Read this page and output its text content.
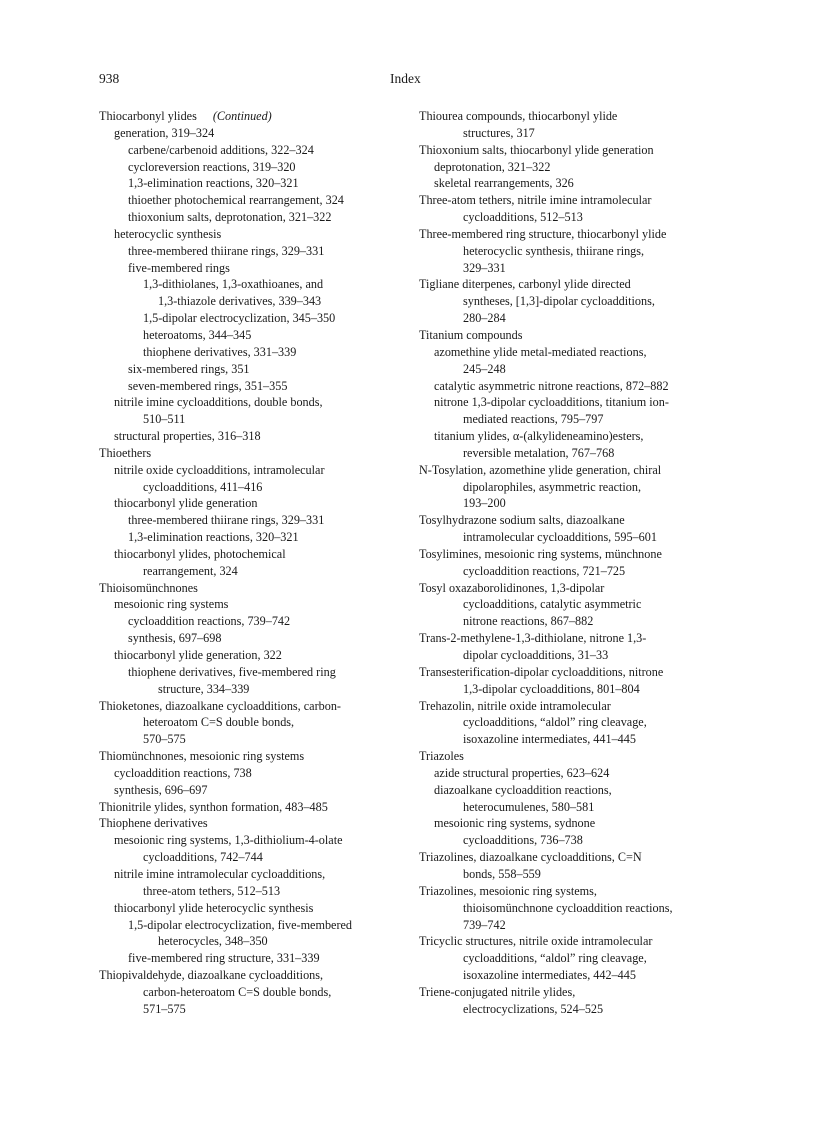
938	Index
Thiocarbonyl ylides (Continued)
generation, 319–324
carbene/carbenoid additions, 322–324
cycloreversion reactions, 319–320
1,3-elimination reactions, 320–321
thioether photochemical rearrangement, 324
thioxonium salts, deprotonation, 321–322
heterocyclic synthesis
three-membered thiirane rings, 329–331
five-membered rings
1,3-dithiolanes, 1,3-oxathioanes, and
1,3-thiazole derivatives, 339–343
1,5-dipolar electrocyclization, 345–350
heteroatoms, 344–345
thiophene derivatives, 331–339
six-membered rings, 351
seven-membered rings, 351–355
nitrile imine cycloadditions, double bonds,
510–511
structural properties, 316–318
Thioethers
nitrile oxide cycloadditions, intramolecular
cycloadditions, 411–416
thiocarbonyl ylide generation
three-membered thiirane rings, 329–331
1,3-elimination reactions, 320–321
thiocarbonyl ylides, photochemical
rearrangement, 324
Thioisomünchnones
mesoionic ring systems
cycloaddition reactions, 739–742
synthesis, 697–698
thiocarbonyl ylide generation, 322
thiophene derivatives, five-membered ring
structure, 334–339
Thioketones, diazoalkane cycloadditions, carbon-
heteroatom C=S double bonds,
570–575
Thiomünchnones, mesoionic ring systems
cycloaddition reactions, 738
synthesis, 696–697
Thionitrile ylides, synthon formation, 483–485
Thiophene derivatives
mesoionic ring systems, 1,3-dithiolium-4-olate
cycloadditions, 742–744
nitrile imine intramolecular cycloadditions,
three-atom tethers, 512–513
thiocarbonyl ylide heterocyclic synthesis
1,5-dipolar electrocyclization, five-membered
heterocycles, 348–350
five-membered ring structure, 331–339
Thiopivaldehyde, diazoalkane cycloadditions,
carbon-heteroatom C=S double bonds,
571–575
Thiourea compounds, thiocarbonyl ylide
structures, 317
Thioxonium salts, thiocarbonyl ylide generation
deprotonation, 321–322
skeletal rearrangements, 326
Three-atom tethers, nitrile imine intramolecular
cycloadditions, 512–513
Three-membered ring structure, thiocarbonyl ylide
heterocyclic synthesis, thiirane rings,
329–331
Tigliane diterpenes, carbonyl ylide directed
syntheses, [1,3]-dipolar cycloadditions,
280–284
Titanium compounds
azomethine ylide metal-mediated reactions,
245–248
catalytic asymmetric nitrone reactions, 872–882
nitrone 1,3-dipolar cycloadditions, titanium ion-
mediated reactions, 795–797
titanium ylides, α-(alkylideneamino)esters,
reversible metalation, 767–768
N-Tosylation, azomethine ylide generation, chiral
dipolarophiles, asymmetric reaction,
193–200
Tosylhydrazone sodium salts, diazoalkane
intramolecular cycloadditions, 595–601
Tosylimines, mesoionic ring systems, münchnone
cycloaddition reactions, 721–725
Tosyl oxazaborolidinones, 1,3-dipolar
cycloadditions, catalytic asymmetric
nitrone reactions, 867–882
Trans-2-methylene-1,3-dithiolane, nitrone 1,3-
dipolar cycloadditions, 31–33
Transesterification-dipolar cycloadditions, nitrone
1,3-dipolar cycloadditions, 801–804
Trehazolin, nitrile oxide intramolecular
cycloadditions, “aldol” ring cleavage,
isoxazoline intermediates, 441–445
Triazoles
azide structural properties, 623–624
diazoalkane cycloaddition reactions,
heterocumulenes, 580–581
mesoionic ring systems, sydnone
cycloadditions, 736–738
Triazolines, diazoalkane cycloadditions, C=N
bonds, 558–559
Triazolines, mesoionic ring systems,
thioisomünchnone cycloaddition reactions,
739–742
Tricyclic structures, nitrile oxide intramolecular
cycloadditions, “aldol” ring cleavage,
isoxazoline intermediates, 442–445
Triene-conjugated nitrile ylides,
electrocyclizations, 524–525
